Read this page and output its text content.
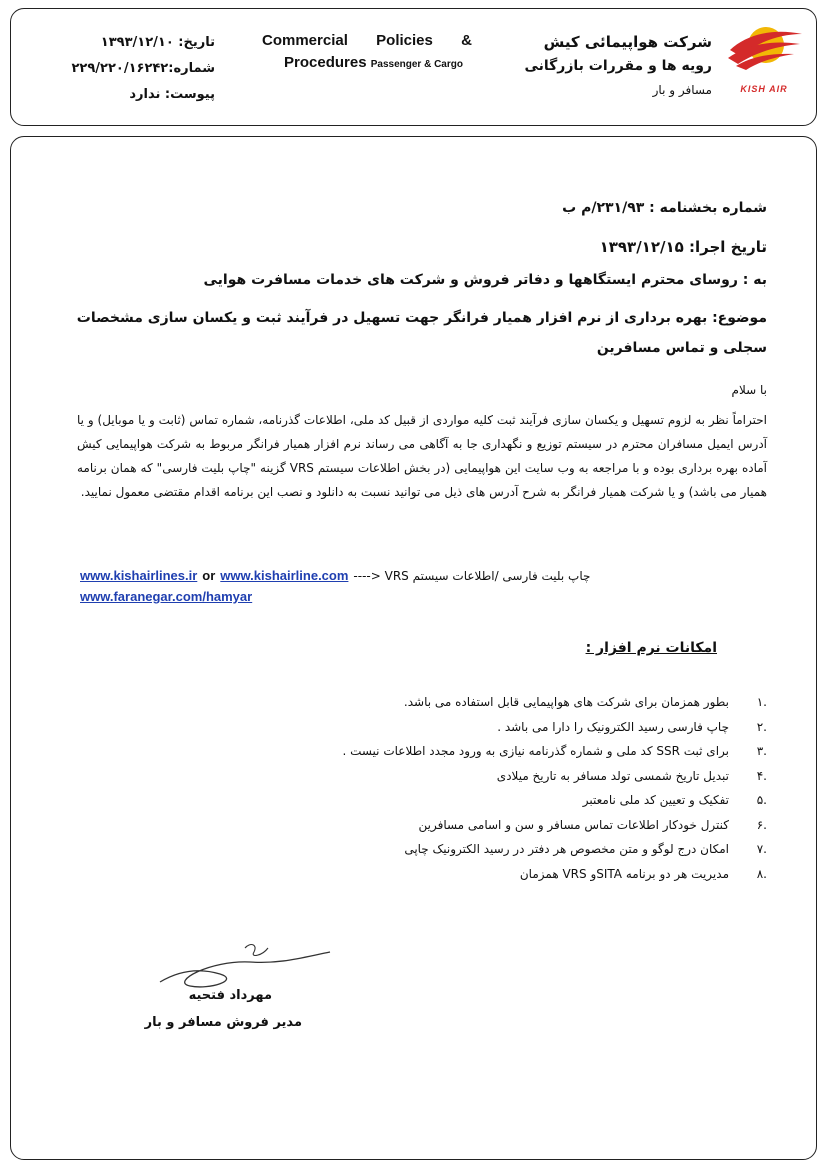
KISH AIR
شرکت هواپیمائی کیش
رویه ها و مقررات بازرگانی
مسافر و بار
Commercial Policies &
Procedures Passenger & Cargo
تاریخ: ۱۳۹۳/۱۲/۱۰
شماره:۲۲۹/۲۲۰/۱۶۲۴۲
پیوست: ندارد
شماره بخشنامه : ۲۳۱/۹۳/م ب
تاریخ اجرا: ۱۳۹۳/۱۲/۱۵
به : روسای محترم ایستگاهها و دفاتر فروش و شرکت های خدمات مسافرت هوایی
موضوع: بهره برداری از نرم افزار همیار فرانگر جهت تسهیل در فرآیند ثبت و یکسان سازی مشخصات سجلی و تماس مسافرین
با سلام
احتراماً نظر به لزوم تسهیل و یکسان سازی فرآیند ثبت کلیه مواردی از قبیل کد ملی، اطلاعات گذرنامه، شماره تماس (ثابت و یا موبایل) و یا آدرس ایمیل مسافران محترم در سیستم توزیع و نگهداری جا به آگاهی می رساند نرم افزار همیار فرانگر مربوط به شرکت هواپیمایی کیش آماده بهره برداری بوده و با مراجعه به وب سایت این هواپیمایی (در بخش اطلاعات سیستم VRS گزینه "چاپ بلیت فارسی" که همان برنامه همیار می باشد) و یا شرکت همیار فرانگر به شرح آدرس های ذیل می توانید نسبت به دانلود و نصب این برنامه اقدام مقتضی معمول نمایید.
www.kishairlines.ir or www.kishairline.com چاپ بلیت فارسی /اطلاعات سیستم VRS <----
www.faranegar.com/hamyar
امکانات نرم افزار :
.۱
بطور همزمان برای شرکت های هواپیمایی قابل استفاده می باشد.
.۲
چاپ فارسی رسید الکترونیک را دارا می باشد .
.۳
برای ثبت SSR کد ملی و شماره گذرنامه نیازی به ورود مجدد اطلاعات نیست .
.۴
تبدیل تاریخ شمسی تولد مسافر به تاریخ میلادی
.۵
تفکیک و تعیین کد ملی نامعتبر
.۶
کنترل خودکار اطلاعات تماس مسافر و سن و اسامی مسافرین
.۷
امکان درج لوگو و متن مخصوص هر دفتر در رسید الکترونیک چاپی
.۸
مدیریت هر دو برنامه SITAو VRS همزمان
مهرداد فتحیه
مدیر فروش مسافر و بار
